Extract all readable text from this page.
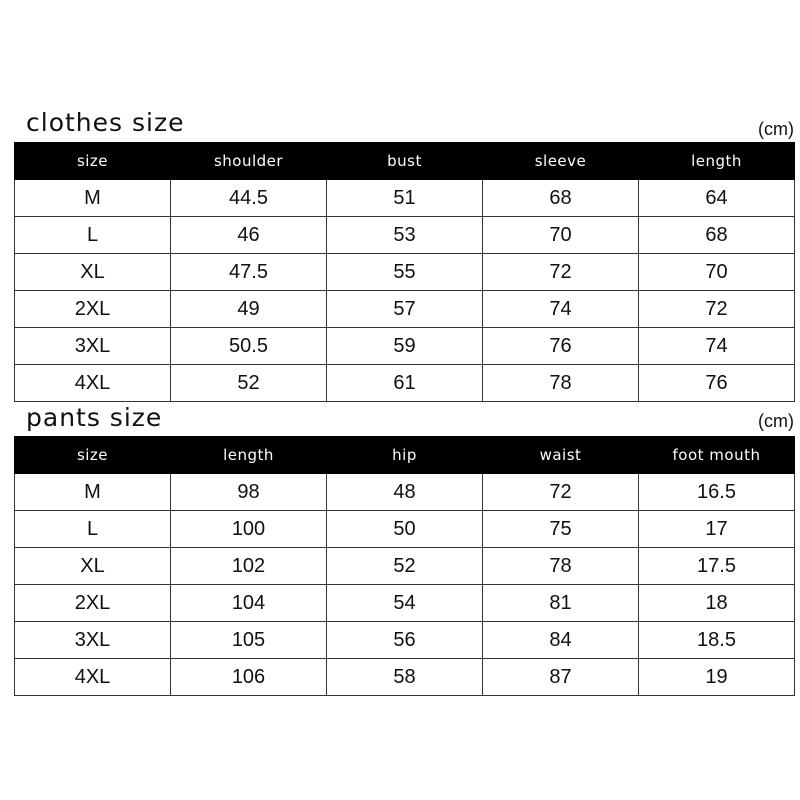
clothes size	(cm)
size	shoulder	bust	sleeve	length
M	44.5	51	68	64
L	46	53	70	68
XL	47.5	55	72	70
2XL	49	57	74	72
3XL	50.5	59	76	74
4XL	52	61	78	76
pants size	(cm)
size	length	hip	waist	foot mouth
M	98	48	72	16.5
L	100	50	75	17
XL	102	52	78	17.5
2XL	104	54	81	18
3XL	105	56	84	18.5
4XL	106	58	87	19
